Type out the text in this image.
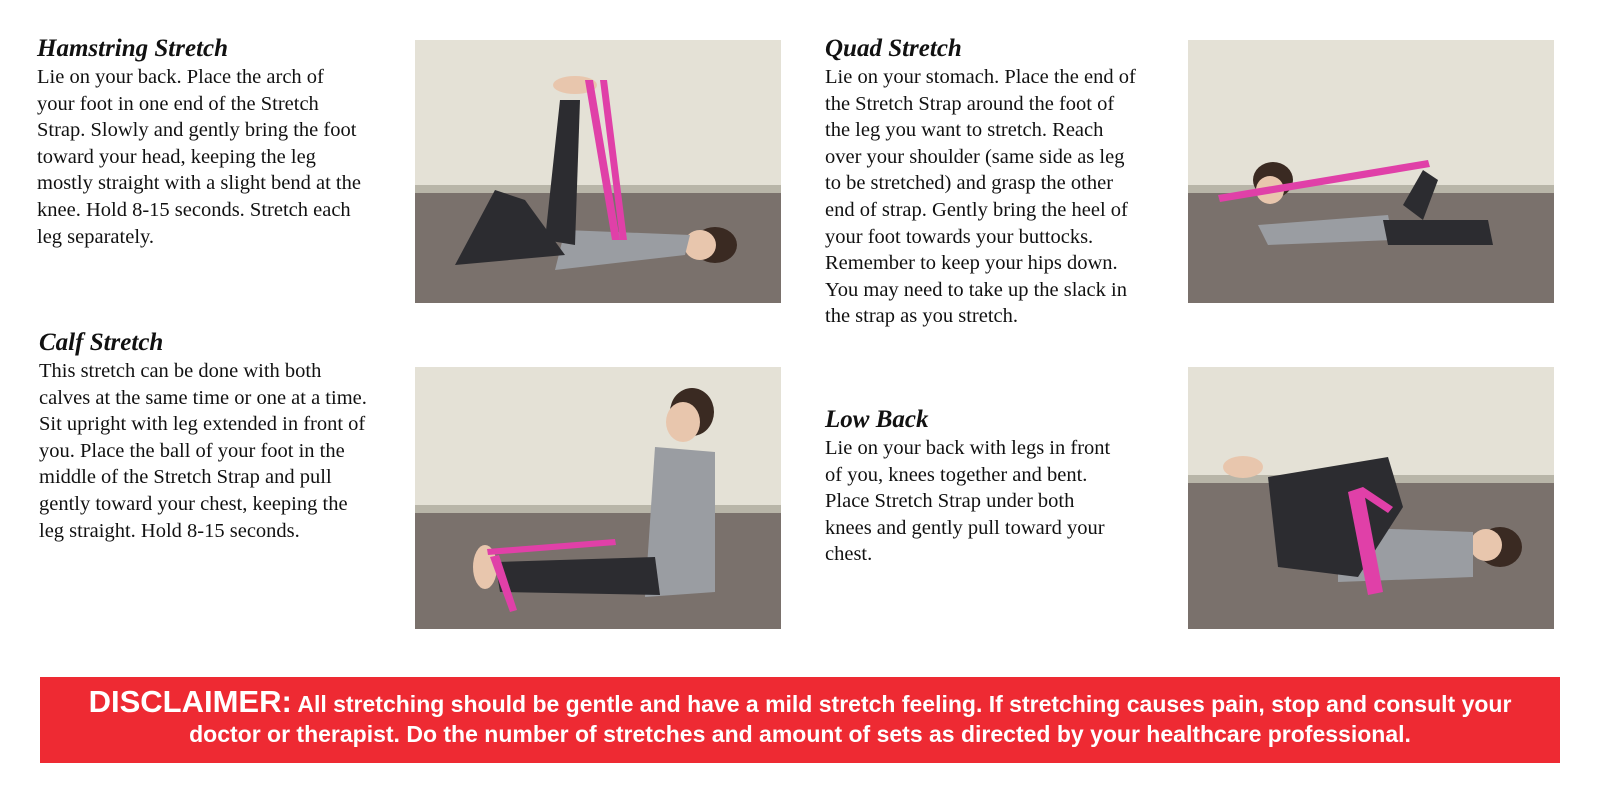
Hamstring Stretch

Lie on your back. Place the arch of
your foot in one end of the Stretch
Strap. Slowly and gently bring the foot
toward your head, keeping the leg
mostly straight with a slight bend at the
knee. Hold 8-15 seconds. Stretch each
leg separately.

Quad Stretch

Lie on your stomach. Place the end of
the Stretch Strap around the foot of
the leg you want to stretch. Reach
over your shoulder (same side as leg
to be stretched) and grasp the other
end of strap. Gently bring the heel of
your foot towards your buttocks.
Remember to keep your hips down.
You may need to take up the slack in
the strap as you stretch.

Calf Stretch

This stretch can be done with both
calves at the same time or one at a time.
Sit upright with leg extended in front of
you. Place the ball of your foot in the
middle of the Stretch Strap and pull
gently toward your chest, keeping the
leg straight. Hold 8-15 seconds.

Low Back

Lie on your back with legs in front
of you, knees together and bent.
Place Stretch Strap under both
knees and gently pull toward your
chest.

DISCLAIMER: All stretching should be gentle and have a mild stretch feeling. If stretching causes pain, stop and consult your doctor or therapist. Do the number of stretches and amount of sets as directed by your healthcare professional.
